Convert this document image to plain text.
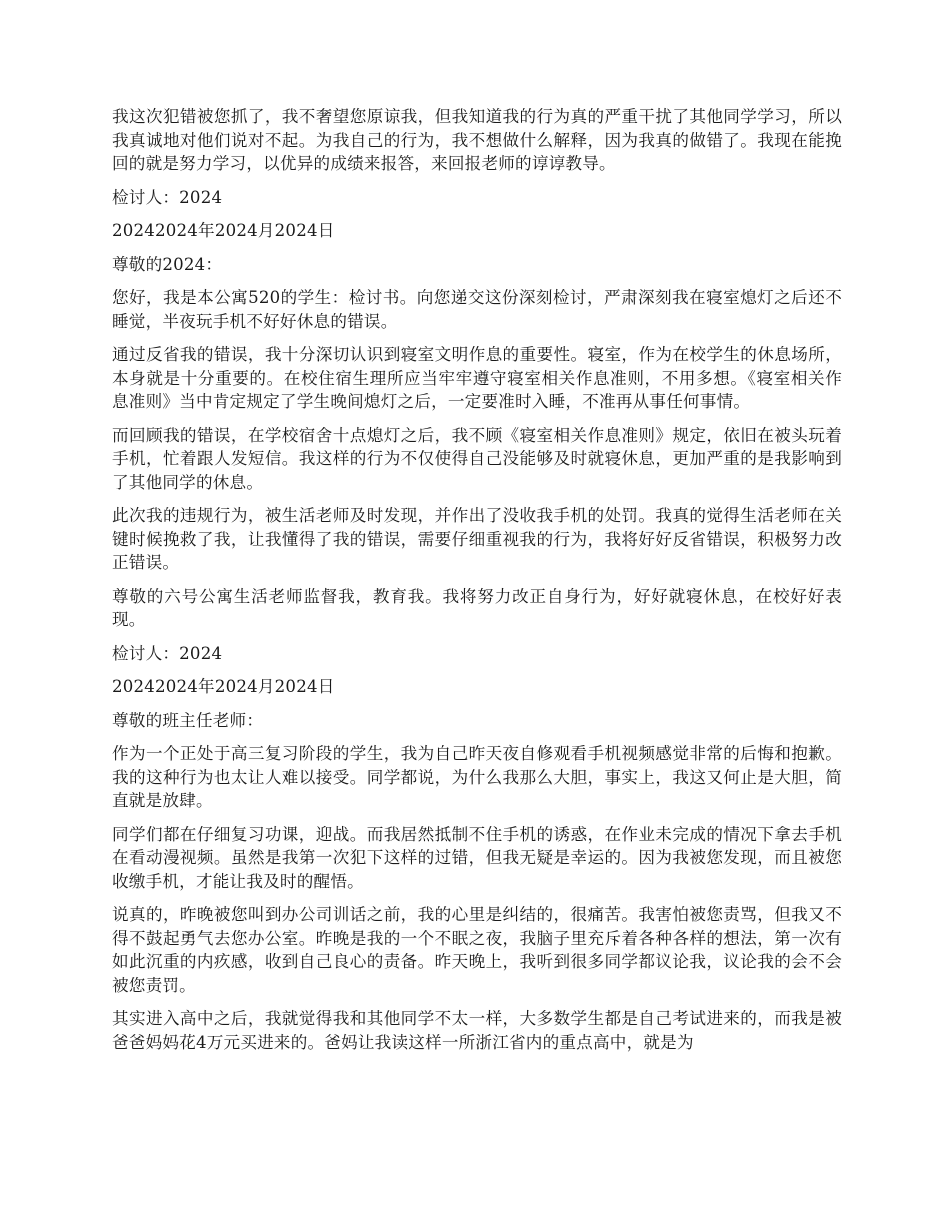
我这次犯错被您抓了，我不奢望您原谅我，但我知道我的行为真的严重干扰了其他同学学习，所以我真诚地对他们说对不起。为我自己的行为，我不想做什么解释，因为我真的做错了。我现在能挽回的就是努力学习，以优异的成绩来报答，来回报老师的谆谆教导。

检讨人：2024

20242024年2024月2024日

尊敬的2024：

您好，我是本公寓520的学生：检讨书。向您递交这份深刻检讨，严肃深刻我在寝室熄灯之后还不睡觉，半夜玩手机不好好休息的错误。

通过反省我的错误，我十分深切认识到寝室文明作息的重要性。寝室，作为在校学生的休息场所，本身就是十分重要的。在校住宿生理所应当牢牢遵守寝室相关作息准则，不用多想。《寝室相关作息准则》当中肯定规定了学生晚间熄灯之后，一定要准时入睡，不准再从事任何事情。

而回顾我的错误，在学校宿舍十点熄灯之后，我不顾《寝室相关作息准则》规定，依旧在被头玩着手机，忙着跟人发短信。我这样的行为不仅使得自己没能够及时就寝休息，更加严重的是我影响到了其他同学的休息。

此次我的违规行为，被生活老师及时发现，并作出了没收我手机的处罚。我真的觉得生活老师在关键时候挽救了我，让我懂得了我的错误，需要仔细重视我的行为，我将好好反省错误，积极努力改正错误。

尊敬的六号公寓生活老师监督我，教育我。我将努力改正自身行为，好好就寝休息，在校好好表现。

检讨人：2024

20242024年2024月2024日

尊敬的班主任老师：

作为一个正处于高三复习阶段的学生，我为自己昨天夜自修观看手机视频感觉非常的后悔和抱歉。我的这种行为也太让人难以接受。同学都说，为什么我那么大胆，事实上，我这又何止是大胆，简直就是放肆。

同学们都在仔细复习功课，迎战。而我居然抵制不住手机的诱惑，在作业未完成的情况下拿去手机在看动漫视频。虽然是我第一次犯下这样的过错，但我无疑是幸运的。因为我被您发现，而且被您收缴手机，才能让我及时的醒悟。

说真的，昨晚被您叫到办公司训话之前，我的心里是纠结的，很痛苦。我害怕被您责骂，但我又不得不鼓起勇气去您办公室。昨晚是我的一个不眠之夜，我脑子里充斥着各种各样的想法，第一次有如此沉重的内疚感，收到自己良心的责备。昨天晚上，我听到很多同学都议论我，议论我的会不会被您责罚。

其实进入高中之后，我就觉得我和其他同学不太一样，大多数学生都是自己考试进来的，而我是被爸爸妈妈花4万元买进来的。爸妈让我读这样一所浙江省内的重点高中，就是为
